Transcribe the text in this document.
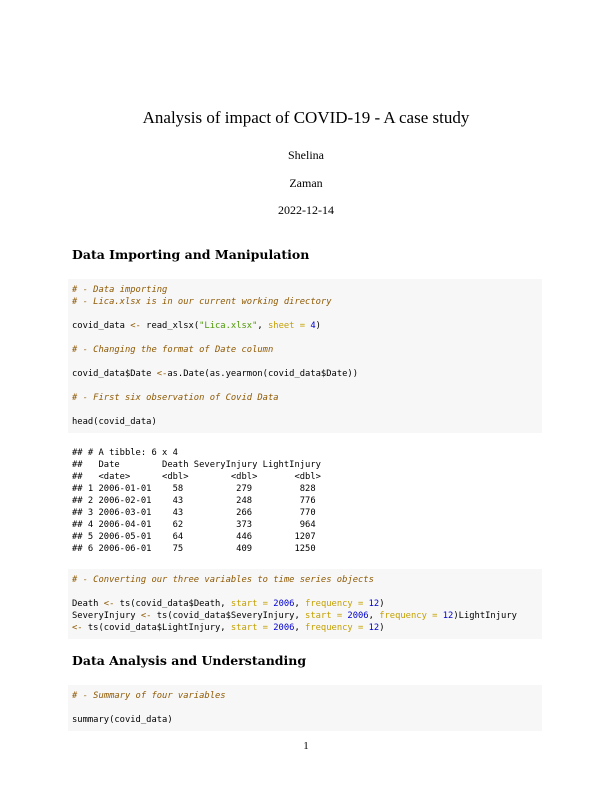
Analysis of impact of COVID-19 - A case study
Shelina
Zaman
2022-12-14
Data Importing and Manipulation
# - Data importing
# - Lica.xlsx is in our current working directory
covid_data <- read_xlsx("Lica.xlsx", sheet = 4)
# - Changing the format of Date column
covid_data$Date <-as.Date(as.yearmon(covid_data$Date))
# - First six observation of Covid Data
head(covid_data)
## # A tibble: 6 x 4
##   Date        Death SeveryInjury LightInjury
##   <date>      <dbl>        <dbl>       <dbl>
## 1 2006-01-01    58          279         828
## 2 2006-02-01    43          248         776
## 3 2006-03-01    43          266         770
## 4 2006-04-01    62          373         964
## 5 2006-05-01    64          446        1207
## 6 2006-06-01    75          409        1250
# - Converting our three variables to time series objects
Death <- ts(covid_data$Death, start = 2006, frequency = 12)
SeveryInjury <- ts(covid_data$SeveryInjury, start = 2006, frequency = 12)LightInjury
<- ts(covid_data$LightInjury, start = 2006, frequency = 12)
Data Analysis and Understanding
# - Summary of four variables
summary(covid_data)
1
